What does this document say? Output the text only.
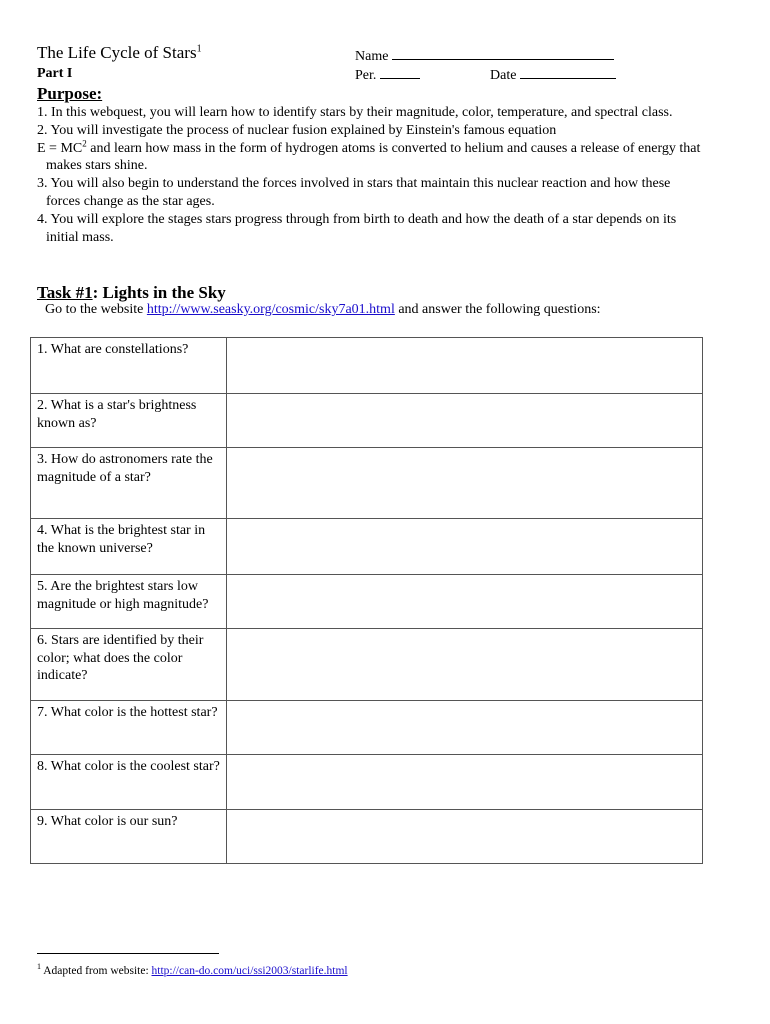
The Life Cycle of Stars$^1$
Part I
Name
Per.	Date
Purpose:

1. In this webquest, you will learn how to identify stars by their magnitude, color, temperature, and spectral class.

2. You will investigate the process of nuclear fusion explained by Einstein's famous equation

$E = MC^2$ and learn how mass in the form of hydrogen atoms is converted to helium and causes a release of energy that makes stars shine.

3. You will also begin to understand the forces involved in stars that maintain this nuclear reaction and how these forces change as the star ages.

4. You will explore the stages stars progress through from birth to death and how the death of a star depends on its initial mass.

Task #1: Lights in the Sky
Go to the website http://www.seasky.org/cosmic/sky7a01.html and answer the following questions:
1. What are constellations?	
2. What is a star's brightness known as?	
3. How do astronomers rate the magnitude of a star?	
4. What is the brightest star in the known universe?	
5. Are the brightest stars low magnitude or high magnitude?	
6. Stars are identified by their color; what does the color indicate?	
7. What color is the hottest star?	
8. What color is the coolest star?	
9. What color is our sun?	
$^1$ Adapted from website: http://can-do.com/uci/ssi2003/starlife.html
